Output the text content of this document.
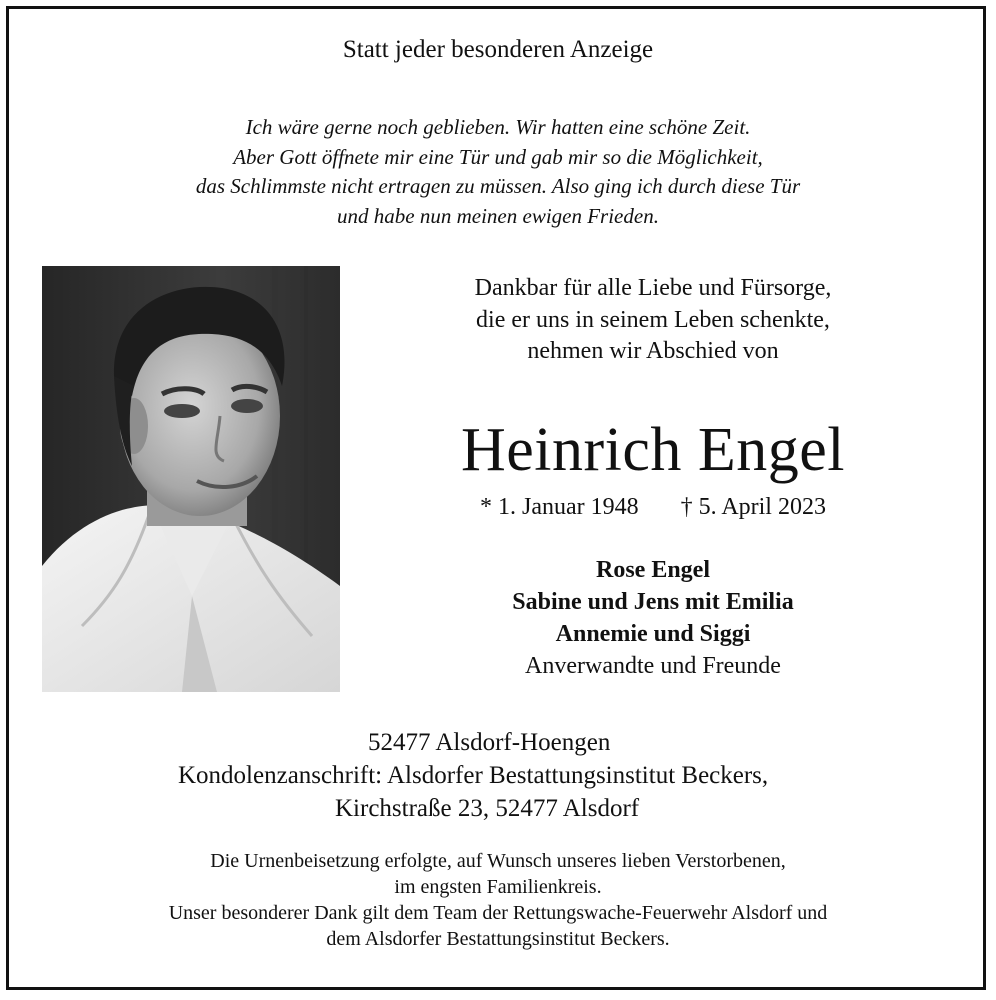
Statt jeder besonderen Anzeige
Ich wäre gerne noch geblieben. Wir hatten eine schöne Zeit.
Aber Gott öffnete mir eine Tür und gab mir so die Möglichkeit,
das Schlimmste nicht ertragen zu müssen. Also ging ich durch diese Tür
und habe nun meinen ewigen Frieden.
Dankbar für alle Liebe und Fürsorge,
die er uns in seinem Leben schenkte,
nehmen wir Abschied von
Heinrich Engel
* 1. Januar 1948 † 5. April 2023
Rose Engel
Sabine und Jens mit Emilia
Annemie und Siggi
Anverwandte und Freunde
52477 Alsdorf-Hoengen
Kondolenzanschrift: Alsdorfer Bestattungsinstitut Beckers,
Kirchstraße 23, 52477 Alsdorf
Die Urnenbeisetzung erfolgte, auf Wunsch unseres lieben Verstorbenen,
im engsten Familienkreis.
Unser besonderer Dank gilt dem Team der Rettungswache-Feuerwehr Alsdorf und
dem Alsdorfer Bestattungsinstitut Beckers.
